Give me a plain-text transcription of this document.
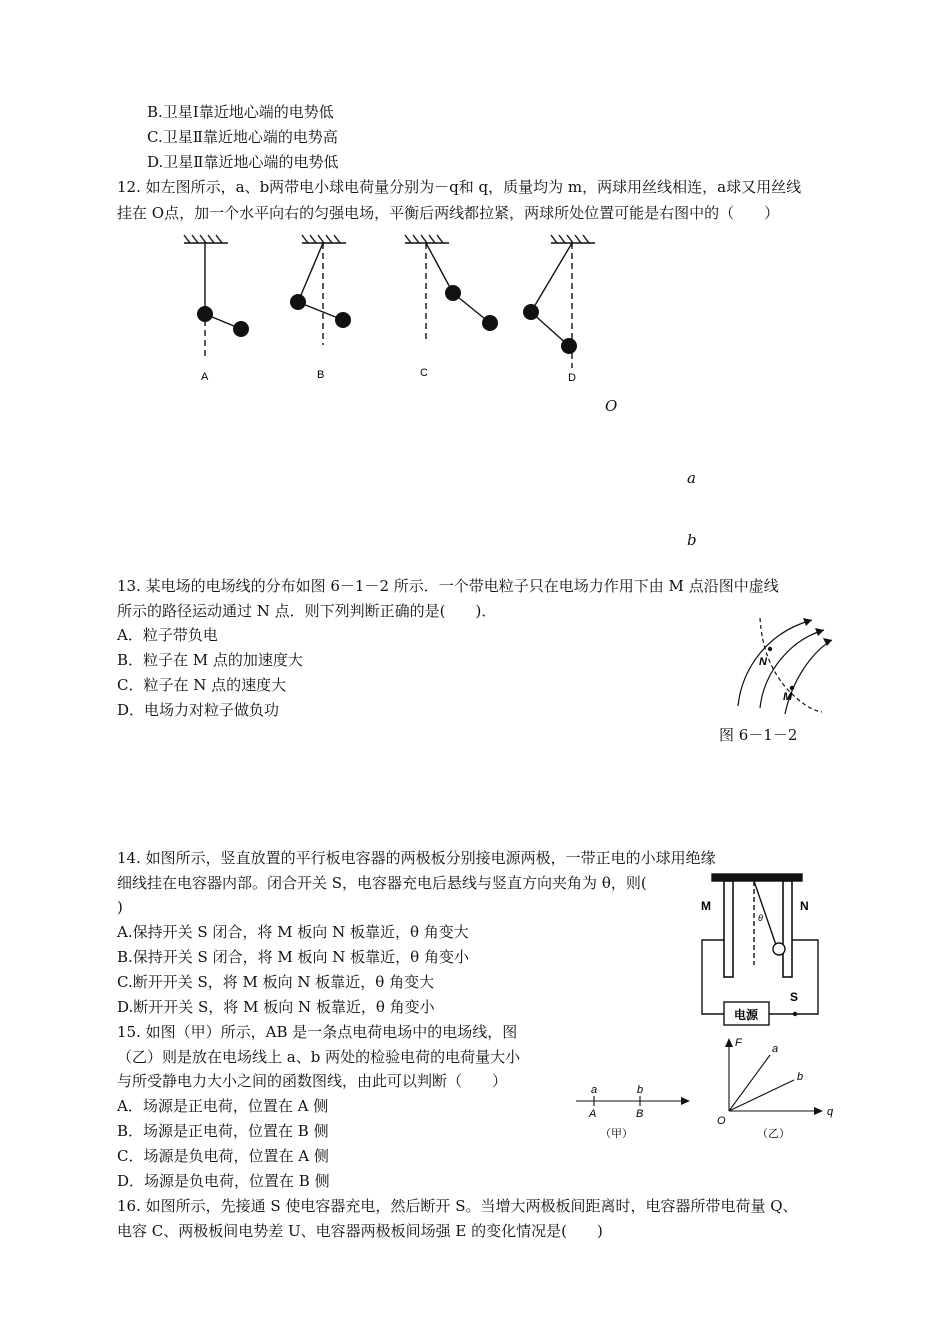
B.卫星Ⅰ靠近地心端的电势低
C.卫星Ⅱ靠近地心端的电势高
D.卫星Ⅱ靠近地心端的电势低
12. 如左图所示，a、b两带电小球电荷量分别为－q和 q，质量均为 m，两球用丝线相连，a球又用丝线
挂在 O点，加一个水平向右的匀强电场，平衡后两线都拉紧，两球所处位置可能是右图中的（　　）
A	B	C	D
O
a
b
13. 某电场的电场线的分布如图 6－1－2 所示．一个带电粒子只在电场力作用下由 M 点沿图中虚线
所示的路径运动通过 N 点．则下列判断正确的是(　　)．
A．粒子带负电
B．粒子在 M 点的加速度大
C．粒子在 N 点的速度大
D．电场力对粒子做负功
N
M
图 6－1－2
14. 如图所示，竖直放置的平行板电容器的两极板分别接电源两极，一带正电的小球用绝缘
细线挂在电容器内部。闭合开关 S，电容器充电后悬线与竖直方向夹角为 θ，则(
)
A.保持开关 S 闭合，将 M 板向 N 板靠近，θ 角变大
B.保持开关 S 闭合，将 M 板向 N 板靠近，θ 角变小
C.断开开关 S，将 M 板向 N 板靠近，θ 角变大
D.断开开关 S，将 M 板向 N 板靠近，θ 角变小
M	N
θ
S
电源
15. 如图（甲）所示，AB 是一条点电荷电场中的电场线，图
（乙）则是放在电场线上 a、b 两处的检验电荷的电荷量大小
与所受静电力大小之间的函数图线，由此可以判断（　　）
A．场源是正电荷，位置在 A 侧
B．场源是正电荷，位置在 B 侧
C．场源是负电荷，位置在 A 侧
D．场源是负电荷，位置在 B 侧
a	b
A	B
（甲）
F
q
O
a
b
（乙）
16. 如图所示，先接通 S 使电容器充电，然后断开 S。当增大两极板间距离时，电容器所带电荷量 Q、
电容 C、两极板间电势差 U、电容器两极板间场强 E 的变化情况是(　　)
